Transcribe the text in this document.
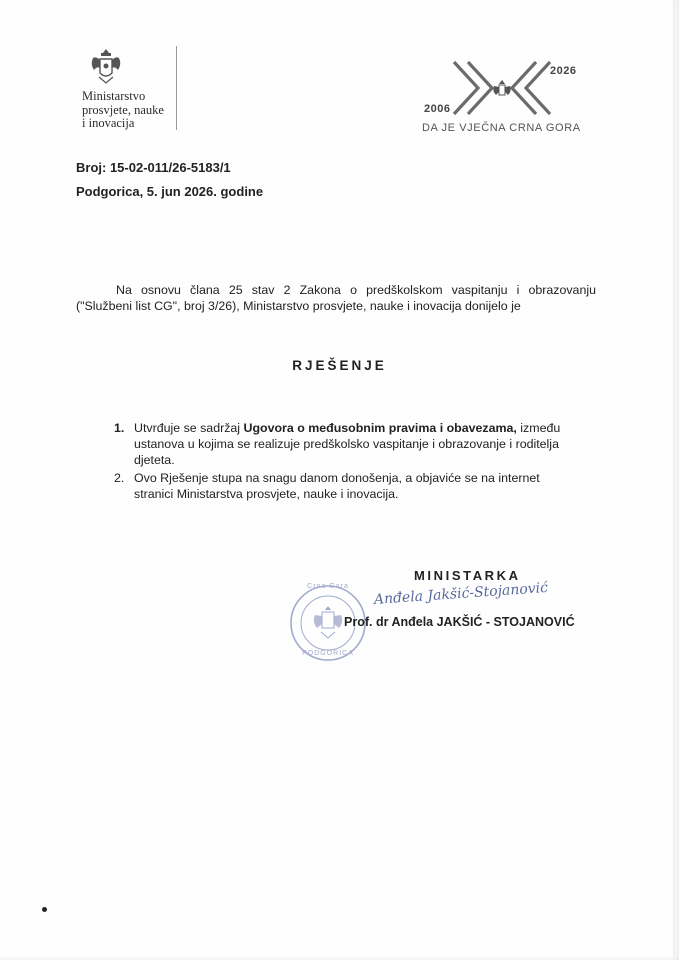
Ministarstvo
prosvjete, nauke
i inovacija
2006
2026
DA JE VJEČNA CRNA GORA
Broj: 15-02-011/26-5183/1
Podgorica, 5. jun 2026. godine
Na osnovu člana 25 stav 2 Zakona o predškolskom vaspitanju i obrazovanju
("Službeni list CG", broj 3/26), Ministarstvo prosvjete, nauke i inovacija donijelo je
RJEŠENJE
1. Utvrđuje se sadržaj Ugovora o međusobnim pravima i obavezama, između
ustanova u kojima se realizuje predškolsko vaspitanje i obrazovanje i roditelja
djeteta.
2. Ovo Rješenje stupa na snagu danom donošenja, a objaviće se na internet
stranici Ministarstva prosvjete, nauke i inovacija.
Crna Gora
PODGORICA
MINISTARKA
Anđela Jakšić-Stojanović
Prof. dr Anđela JAKŠIĆ - STOJANOVIĆ
